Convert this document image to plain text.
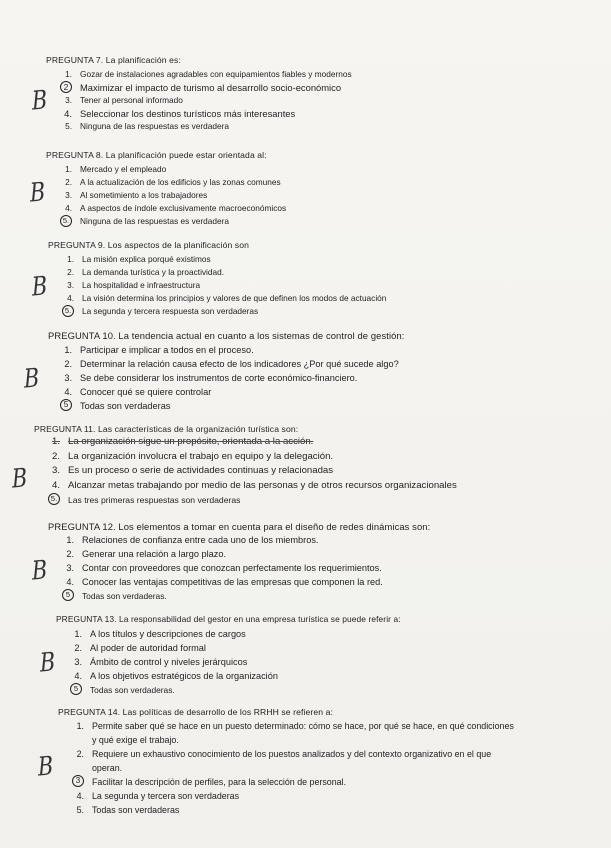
PREGUNTA 7. La planificación es:
1. Gozar de instalaciones agradables con equipamientos fiables y modernos
2	Maximizar el impacto de turismo al desarrollo socio-económico
3. Tener al personal informado
4. Seleccionar los destinos turísticos más interesantes
5. Ninguna de las respuestas es verdadera
B
PREGUNTA 8. La planificación puede estar orientada al:
1. Mercado y el empleado
2. A la actualización de los edificios y las zonas comunes
3. Al sometimiento a los trabajadores
4. A aspectos de índole exclusivamente macroeconómicos
5.	Ninguna de las respuestas es verdadera
B
PREGUNTA 9. Los aspectos de la planificación son
1. La misión explica porqué existimos
2. La demanda turística y la proactividad.
3. La hospitalidad e infraestructura
4. La visión determina los principios y valores de que definen los modos de actuación
5.	La segunda y tercera respuesta son verdaderas
B
PREGUNTA 10. La tendencia actual en cuanto a los sistemas de control de gestión:
1. Participar e implicar a todos en el proceso.
2. Determinar la relación causa efecto de los indicadores ¿Por qué sucede algo?
3. Se debe considerar los instrumentos de corte económico-financiero.
4. Conocer qué se quiere controlar
5	Todas son verdaderas
B
PREGUNTA 11. Las características de la organización turística son:
1. La organización sigue un propósito, orientada a la acción.
2. La organización involucra el trabajo en equipo y la delegación.
3. Es un proceso o serie de actividades continuas y relacionadas
4. Alcanzar metas trabajando por medio de las personas y de otros recursos organizacionales
5.	Las tres primeras respuestas son verdaderas
B
PREGUNTA 12. Los elementos a tomar en cuenta para el diseño de redes dinámicas son:
1. Relaciones de confianza entre cada uno de los miembros.
2. Generar una relación a largo plazo.
3. Contar con proveedores que conozcan perfectamente los requerimientos.
4. Conocer las ventajas competitivas de las empresas que componen la red.
5	Todas son verdaderas.
B
PREGUNTA 13. La responsabilidad del gestor en una empresa turística se puede referir a:
1. A los títulos y descripciones de cargos
2. Al poder de autoridad formal
3. Ámbito de control y niveles jerárquicos
4. A los objetivos estratégicos de la organización
5	Todas son verdaderas.
B
PREGUNTA 14. Las políticas de desarrollo de los RRHH se refieren a:
1. Permite saber qué se hace en un puesto determinado: cómo se hace, por qué se hace, en qué condiciones
y qué exige el trabajo.
2. Requiere un exhaustivo conocimiento de los puestos analizados y del contexto organizativo en el que
operan.
3	Facilitar la descripción de perfiles, para la selección de personal.
4. La segunda y tercera son verdaderas
5. Todas son verdaderas
B
